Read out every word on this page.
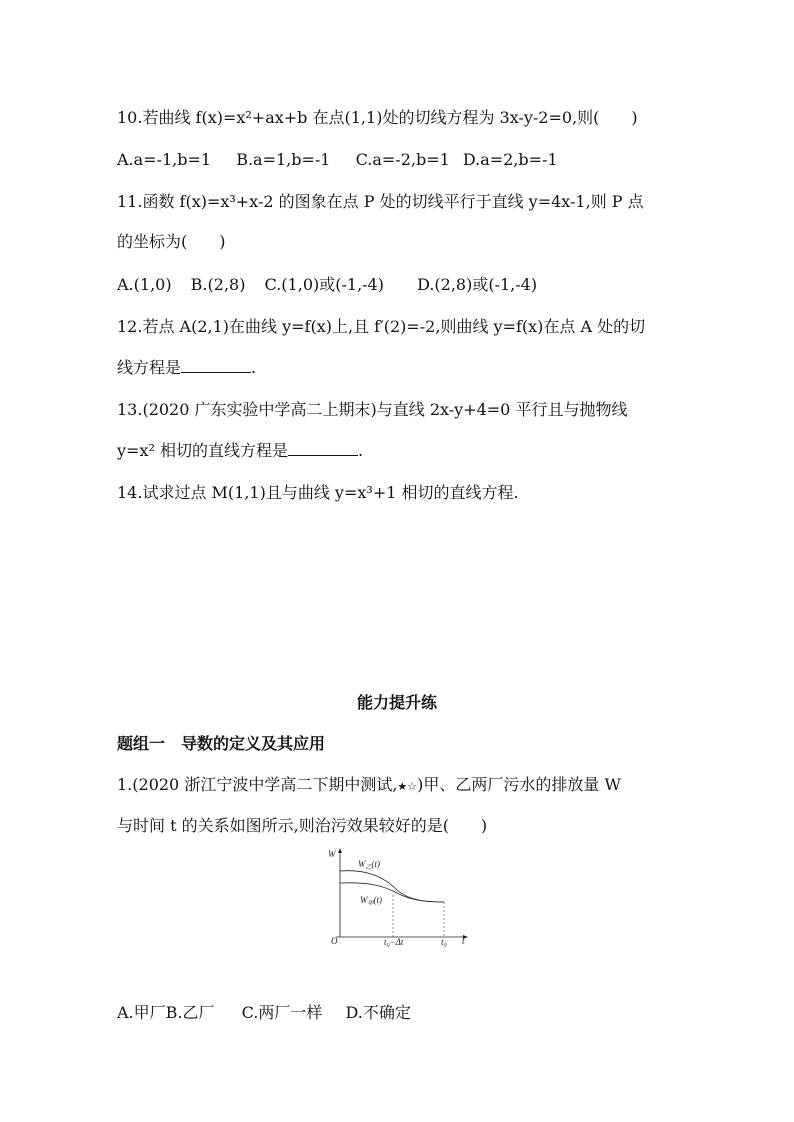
10.若曲线 f(x)=x²+ax+b 在点(1,1)处的切线方程为 3x-y-2=0,则(　　)
A.a=-1,b=1 B.a=1,b=-1 C.a=-2,b=1 D.a=2,b=-1
11.函数 f(x)=x³+x-2 的图象在点 P 处的切线平行于直线 y=4x-1,则 P 点
的坐标为(　　)
A.(1,0) B.(2,8) C.(1,0)或(-1,-4) D.(2,8)或(-1,-4)
12.若点 A(2,1)在曲线 y=f(x)上,且 f′(2)=-2,则曲线 y=f(x)在点 A 处的切
线方程是	.
13.(2020 广东实验中学高二上期末)与直线 2x-y+4=0 平行且与抛物线
y=x² 相切的直线方程是	.
14.试求过点 M(1,1)且与曲线 y=x³+1 相切的直线方程.
能力提升练
题组一　导数的定义及其应用
1.(2020 浙江宁波中学高二下期中测试,★☆)甲、乙两厂污水的排放量 W
与时间 t 的关系如图所示,则治污效果较好的是(　　)
W
t
O
$W_乙(t)$
$W_甲(t)$
$t_0-\Delta t$	$t_0$
A.甲厂B.乙厂 C.两厂一样 D.不确定
